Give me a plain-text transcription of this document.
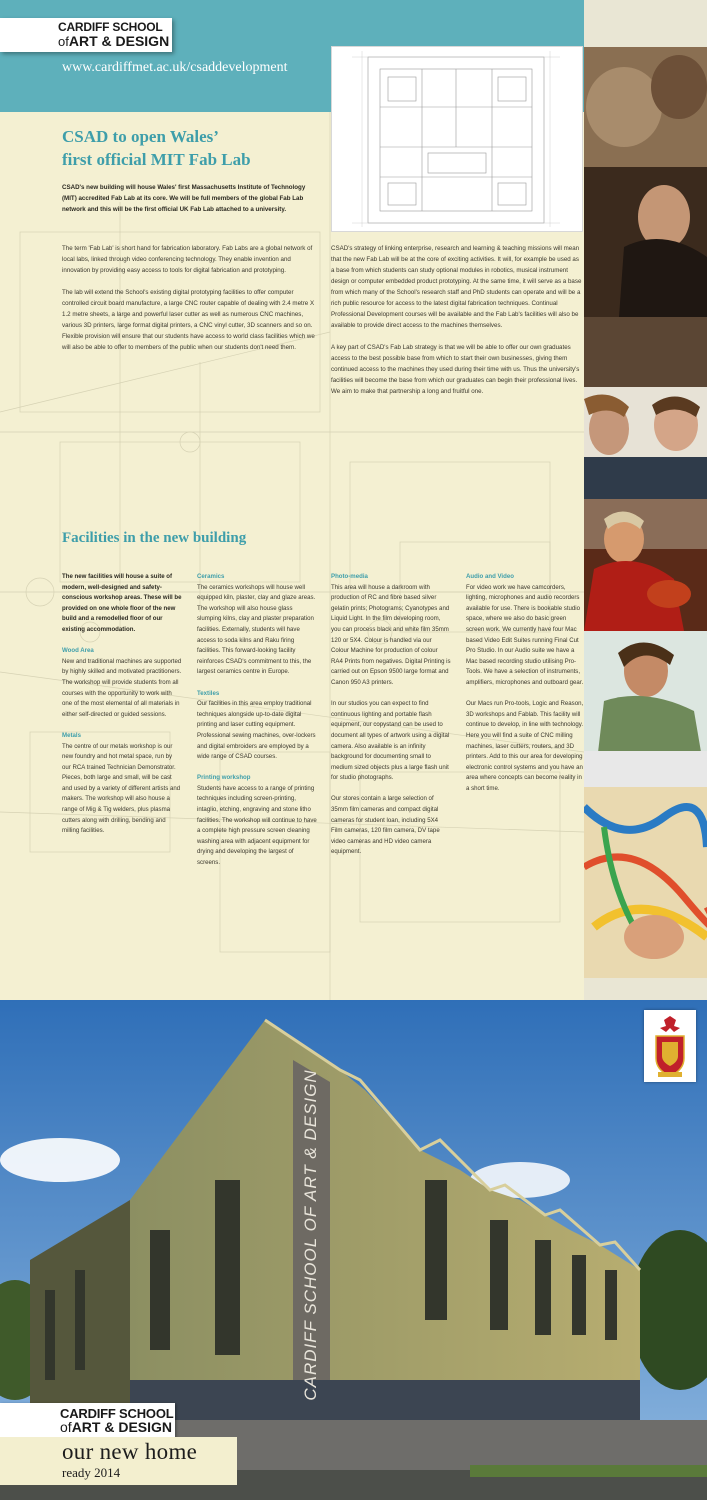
CARDIFF SCHOOL
ofART & DESIGN
www.cardiffmet.ac.uk/csaddevelopment
CSAD to open Wales’
first official MIT Fab Lab
CSAD's new building will house Wales' first Massachusetts Institute of Technology (MIT) accredited Fab Lab at its core. We will be full members of the global Fab Lab network and this will be the first official UK Fab Lab attached to a university.

The term 'Fab Lab' is short hand for fabrication laboratory. Fab Labs are a global network of local labs, linked through video conferencing technology. They enable invention and innovation by providing easy access to tools for digital fabrication and prototyping.

The lab will extend the School's existing digital prototyping facilities to offer computer controlled circuit board manufacture, a large CNC router capable of dealing with 2.4 metre X 1.2 metre sheets, a large and powerful laser cutter as well as numerous CNC machines, various 3D printers, large format digital printers, a CNC vinyl cutter, 3D scanners and so on. Flexible provision will ensure that our students have access to world class facilities which we will also be able to offer to members of the public when our students don't need them.

CSAD's strategy of linking enterprise, research and learning & teaching missions will mean that the new Fab Lab will be at the core of exciting activities. It will, for example be used as a base from which students can study optional modules in robotics, musical instrument design or computer embedded product prototyping. At the same time, it will serve as a base from which many of the School's research staff and PhD students can operate and will be a rich public resource for access to the latest digital fabrication techniques. Continual Professional Development courses will be available and the Fab Lab's facilities will also be available to provide direct access to the machines themselves.

A key part of CSAD's Fab Lab strategy is that we will be able to offer our own graduates access to the best possible base from which to start their own businesses, giving them continued access to the machines they used during their time with us. Thus the university's facilities will become the base from which our graduates can begin their professional lives. We aim to make that partnership a long and fruitful one.

Facilities in the new building

The new facilities will house a suite of modern, well-designed and safety-conscious workshop areas. These will be provided on one whole floor of the new build and a remodelled floor of our existing accommodation.

Wood Area

New and traditional machines are supported by highly skilled and motivated practitioners. The workshop will provide students from all courses with the opportunity to work with one of the most elemental of all materials in either self-directed or guided sessions.

Metals

The centre of our metals workshop is our new foundry and hot metal space, run by our RCA trained Technician Demonstrator. Pieces, both large and small, will be cast and used by a variety of different artists and makers. The workshop will also house a range of Mig & Tig welders, plus plasma cutters along with drilling, bending and milling facilities.

Ceramics

The ceramics workshops will house well equipped kiln, plaster, clay and glaze areas. The workshop will also house glass slumping kilns, clay and plaster preparation facilities. Externally, students will have access to soda kilns and Raku firing facilities. This forward-looking facility reinforces CSAD's commitment to this, the largest ceramics centre in Europe.

Textiles

Our facilities in this area employ traditional techniques alongside up-to-date digital printing and laser cutting equipment. Professional sewing machines, over-lockers and digital embroiders are employed by a wide range of CSAD courses.

Printing workshop

Students have access to a range of printing techniques including screen-printing, intaglio, etching, engraving and stone litho facilities. The workshop will continue to have a complete high pressure screen cleaning washing area with adjacent equipment for drying and developing the largest of screens.

Photo-media

This area will house a darkroom with production of RC and fibre based silver gelatin prints; Photograms; Cyanotypes and Liquid Light. In the film developing room, you can process black and white film 35mm 120 or 5X4. Colour is handled via our Colour Machine for production of colour RA4 Prints from negatives. Digital Printing is carried out on Epson 9500 large format and Canon 950 A3 printers.

In our studios you can expect to find continuous lighting and portable flash equipment, our copystand can be used to document all types of artwork using a digital camera. Also available is an infinity background for documenting small to medium sized objects plus a large flash unit for studio photographs.

Our stores contain a large selection of 35mm film cameras and compact digital cameras for student loan, including 5X4 Film cameras, 120 film camera, DV tape video cameras and HD video camera equipment.

Audio and Video

For video work we have camcorders, lighting, microphones and audio recorders available for use. There is bookable studio space, where we also do basic green screen work. We currently have four Mac based Video Edit Suites running Final Cut Pro Studio. In our Audio suite we have a Mac based recording studio utilising Pro-Tools. We have a selection of instruments, amplifiers, microphones and outboard gear.

Our Macs run Pro-tools, Logic and Reason, 3D workshops and Fablab. This facility will continue to develop, in line with technology. Here you will find a suite of CNC milling machines, laser cutters, routers, and 3D printers. Add to this our area for developing electronic control systems and you have an area where concepts can become reality in a short time.

CARDIFF SCHOOL OF ART & DESIGN
CARDIFF SCHOOL
ofART & DESIGN
our new home
ready 2014
